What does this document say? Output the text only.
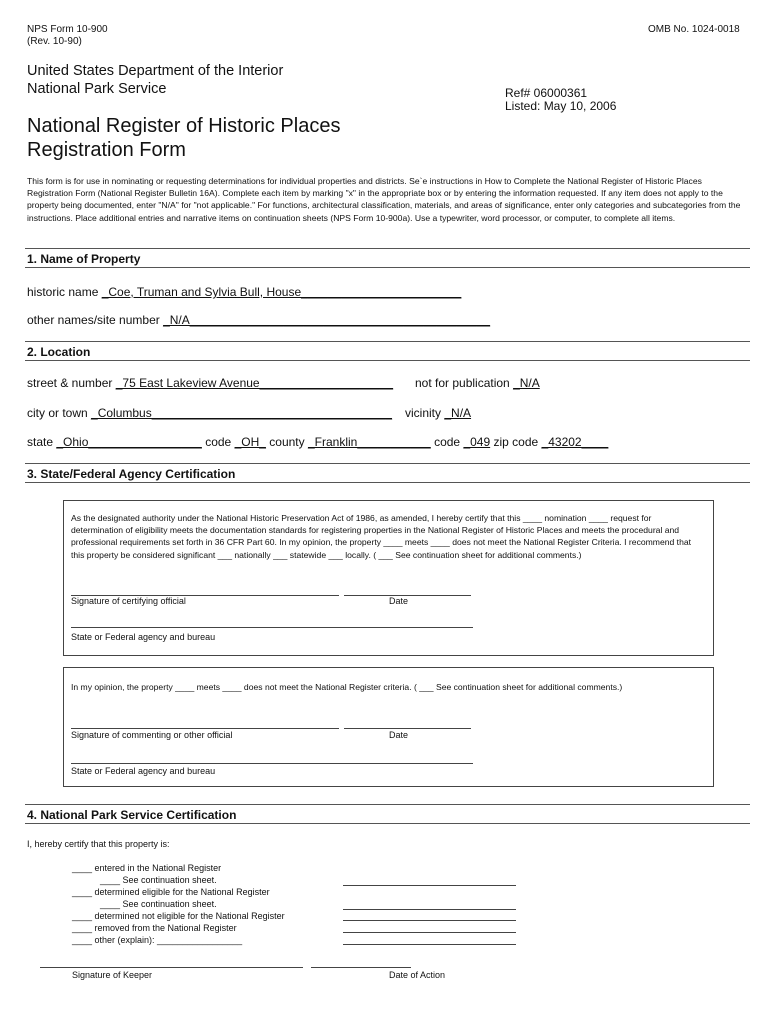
NPS Form 10-900
(Rev. 10-90)
OMB No. 1024-0018
United States Department of the Interior
National Park Service	Ref# 06000361
Listed: May 10, 2006
National Register of Historic Places
Registration Form
This form is for use in nominating or requesting determinations for individual properties and districts. Se`e instructions in How to Complete the National Register of Historic Places Registration Form (National Register Bulletin 16A). Complete each item by marking "x" in the appropriate box or by entering the information requested. If any item does not apply to the property being documented, enter "N/A" for "not applicable." For functions, architectural classification, materials, and areas of significance, enter only categories and subcategories from the instructions. Place additional entries and narrative items on continuation sheets (NPS Form 10-900a). Use a typewriter, word processor, or computer, to complete all items.
1. Name of Property
historic name _Coe, Truman and Sylvia Bull, House________________________
other names/site number _N/A_____________________________________________
2. Location
street & number _75 East Lakeview Avenue____________________ not for publication _N/A
city or town _Columbus____________________________________ vicinity _N/A
state _Ohio_________________ code _OH_ county _Franklin___________ code _049 zip code _43202____
3. State/Federal Agency Certification
As the designated authority under the National Historic Preservation Act of 1986, as amended, I hereby certify that this ____ nomination ____ request for determination of eligibility meets the documentation standards for registering properties in the National Register of Historic Places and meets the procedural and professional requirements set forth in 36 CFR Part 60. In my opinion, the property ____ meets ____ does not meet the National Register Criteria. I recommend that this property be considered significant ___ nationally ___ statewide ___ locally. ( ___ See continuation sheet for additional comments.)
Signature of certifying official	Date
State or Federal agency and bureau
In my opinion, the property ____ meets ____ does not meet the National Register criteria. ( ___ See continuation sheet for additional comments.)
Signature of commenting or other official	Date
State or Federal agency and bureau
4. National Park Service Certification
I, hereby certify that this property is:
____ entered in the National Register
____ See continuation sheet.
____ determined eligible for the National Register
____ See continuation sheet.
____ determined not eligible for the National Register
____ removed from the National Register
____ other (explain): _________________
Signature of Keeper	Date of Action
